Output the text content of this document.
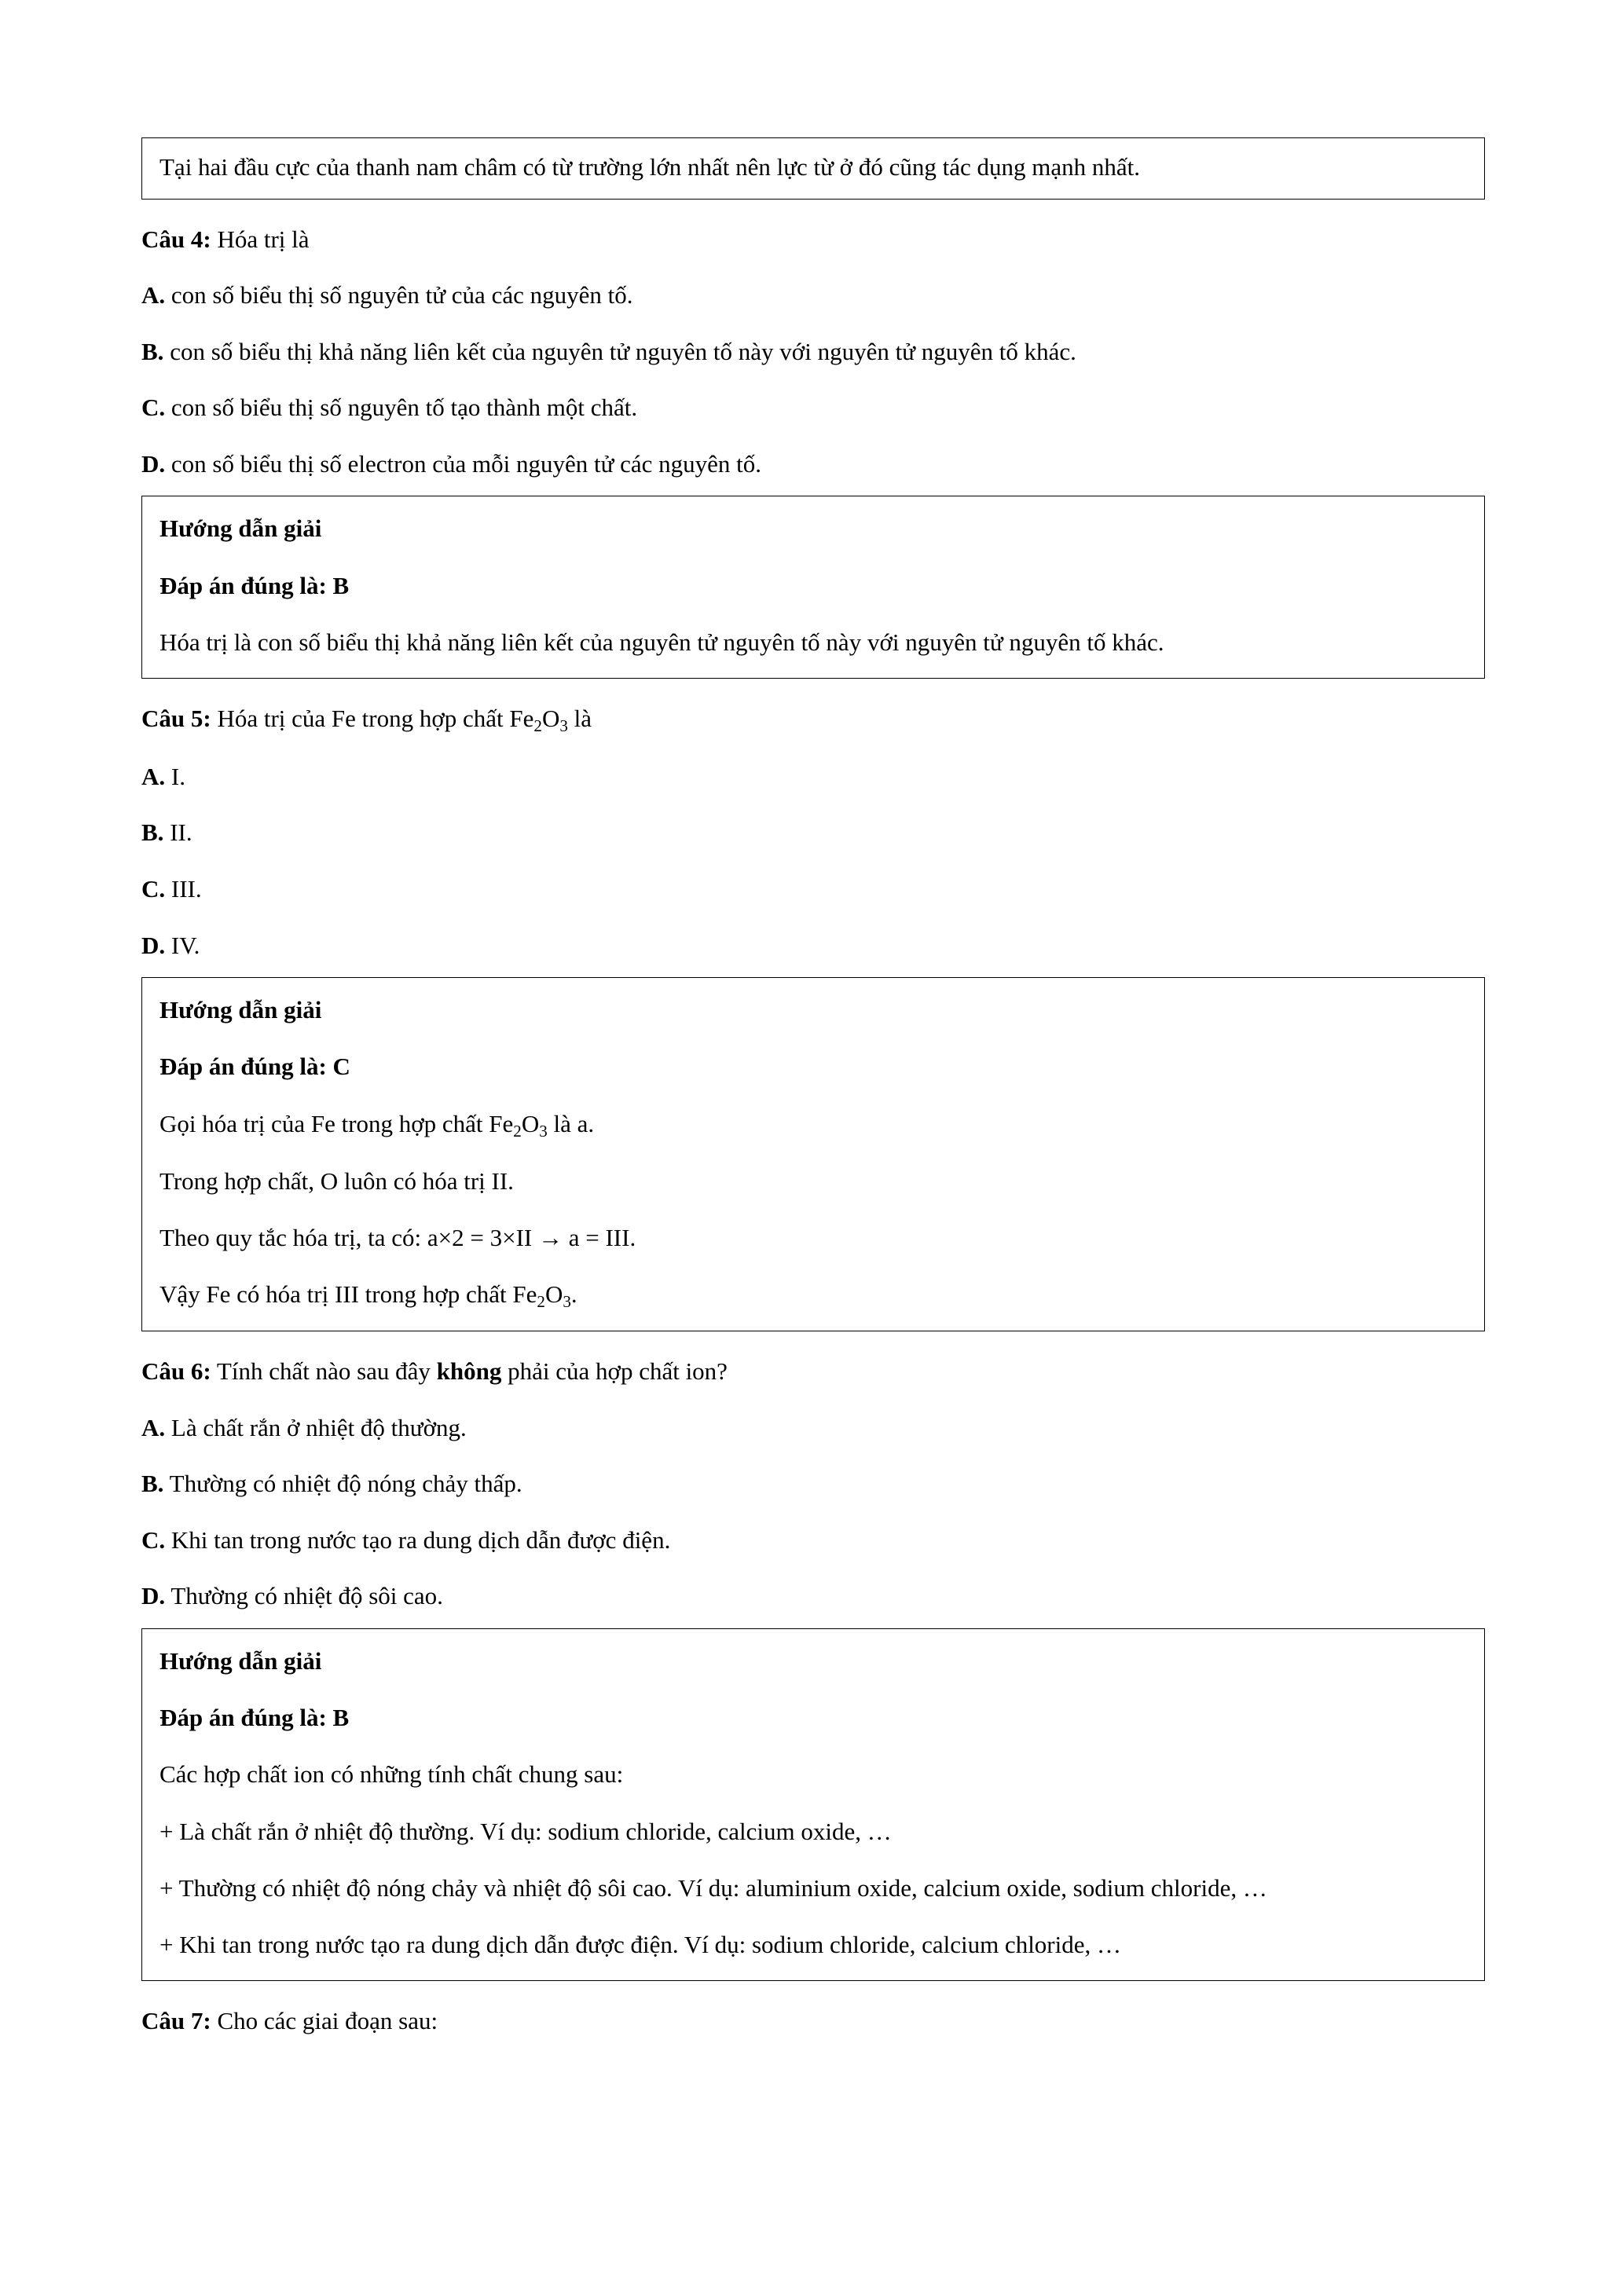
Tại hai đầu cực của thanh nam châm có từ trường lớn nhất nên lực từ ở đó cũng tác dụng mạnh nhất.

Câu 4: Hóa trị là

A. con số biểu thị số nguyên tử của các nguyên tố.

B. con số biểu thị khả năng liên kết của nguyên tử nguyên tố này với nguyên tử nguyên tố khác.

C. con số biểu thị số nguyên tố tạo thành một chất.

D. con số biểu thị số electron của mỗi nguyên tử các nguyên tố.

Hướng dẫn giải

Đáp án đúng là: B

Hóa trị là con số biểu thị khả năng liên kết của nguyên tử nguyên tố này với nguyên tử nguyên tố khác.

Câu 5: Hóa trị của Fe trong hợp chất $Fe_2O_3$ là

A. I.

B. II.

C. III.

D. IV.

Hướng dẫn giải

Đáp án đúng là: C

Gọi hóa trị của Fe trong hợp chất $Fe_2O_3$ là a.

Trong hợp chất, O luôn có hóa trị II.

Theo quy tắc hóa trị, ta có: a×2 = 3×II → a = III.

Vậy Fe có hóa trị III trong hợp chất $Fe_2O_3$.

Câu 6: Tính chất nào sau đây không phải của hợp chất ion?

A. Là chất rắn ở nhiệt độ thường.

B. Thường có nhiệt độ nóng chảy thấp.

C. Khi tan trong nước tạo ra dung dịch dẫn được điện.

D. Thường có nhiệt độ sôi cao.

Hướng dẫn giải

Đáp án đúng là: B

Các hợp chất ion có những tính chất chung sau:

+ Là chất rắn ở nhiệt độ thường. Ví dụ: sodium chloride, calcium oxide, …

+ Thường có nhiệt độ nóng chảy và nhiệt độ sôi cao. Ví dụ: aluminium oxide, calcium oxide, sodium chloride, …

+ Khi tan trong nước tạo ra dung dịch dẫn được điện. Ví dụ: sodium chloride, calcium chloride, …

Câu 7: Cho các giai đoạn sau:
